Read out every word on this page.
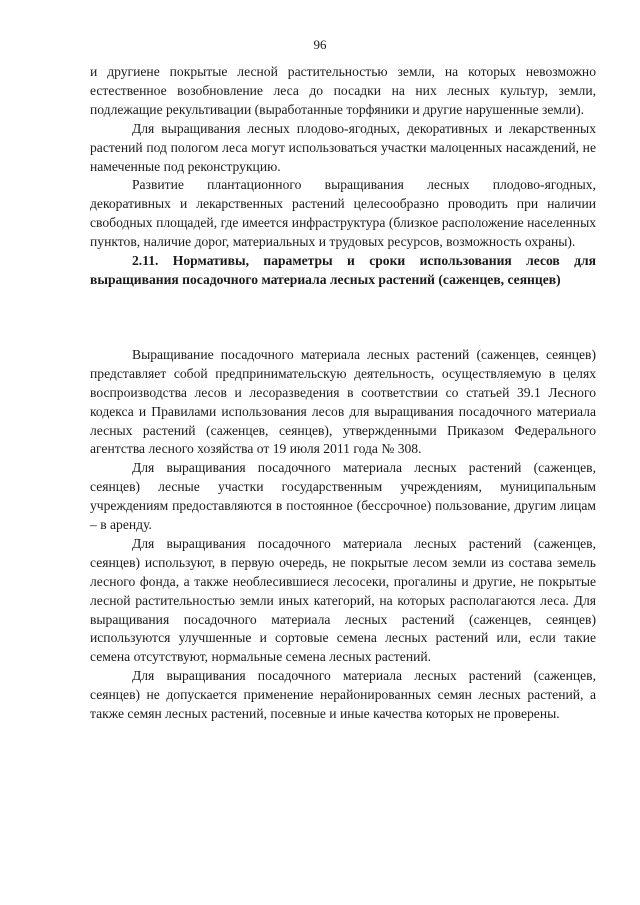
96

и другиене покрытые лесной растительностью земли, на которых невозможно естественное возобновление леса до посадки на них лесных культур, земли, подлежащие рекультивации (выработанные торфяники и другие нарушенные земли).

Для выращивания лесных плодово-ягодных, декоративных и лекарственных растений под пологом леса могут использоваться участки малоценных насаждений, не намеченные под реконструкцию.

Развитие плантационного выращивания лесных плодово-ягодных, декоративных и лекарственных растений целесообразно проводить при наличии свободных площадей, где имеется инфраструктура (близкое расположение населенных пунктов, наличие дорог, материальных и трудовых ресурсов, возможность охраны).

2.11. Нормативы, параметры и сроки использования лесов для выращивания посадочного материала лесных растений (саженцев, сеянцев)

Выращивание посадочного материала лесных растений (саженцев, сеянцев) представляет собой предпринимательскую деятельность, осуществляемую в целях воспроизводства лесов и лесоразведения в соответствии со статьей 39.1 Лесного кодекса и Правилами использования лесов для выращивания посадочного материала лесных растений (саженцев, сеянцев), утвержденными Приказом Федерального агентства лесного хозяйства от 19 июля 2011 года № 308.

Для выращивания посадочного материала лесных растений (саженцев, сеянцев) лесные участки государственным учреждениям, муниципальным учреждениям предоставляются в постоянное (бессрочное) пользование, другим лицам – в аренду.

Для выращивания посадочного материала лесных растений (саженцев, сеянцев) используют, в первую очередь, не покрытые лесом земли из состава земель лесного фонда, а также необлесившиеся лесосеки, прогалины и другие, не покрытые лесной растительностью земли иных категорий, на которых располагаются леса. Для выращивания посадочного материала лесных растений (саженцев, сеянцев) используются улучшенные и сортовые семена лесных растений или, если такие семена отсутствуют, нормальные семена лесных растений.

Для выращивания посадочного материала лесных растений (саженцев, сеянцев) не допускается применение нерайонированных семян лесных растений, а также семян лесных растений, посевные и иные качества которых не проверены.
